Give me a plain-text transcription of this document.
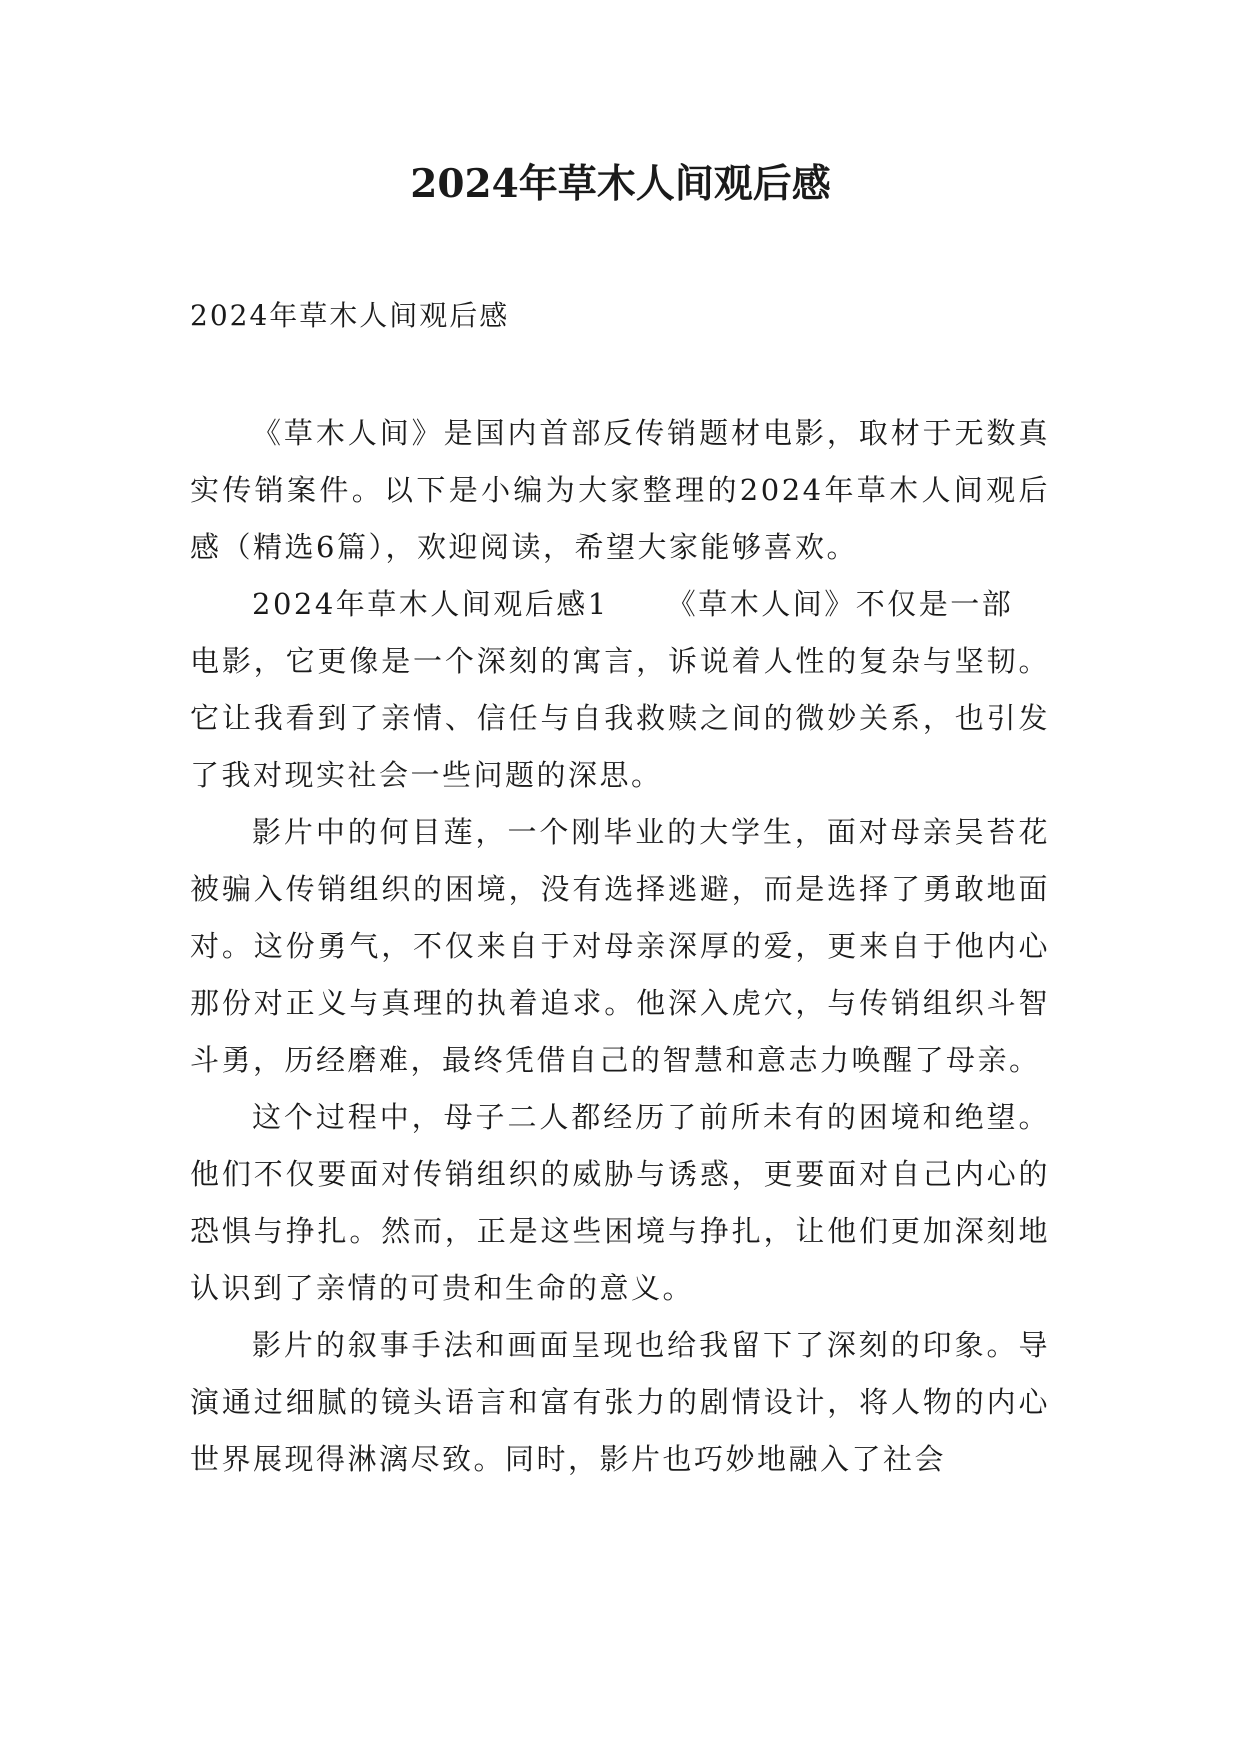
2024年草木人间观后感
2024年草木人间观后感

《草木人间》是国内首部反传销题材电影，取材于无数真实传销案件。以下是小编为大家整理的2024年草木人间观后感（精选6篇），欢迎阅读，希望大家能够喜欢。

2024年草木人间观后感1 《草木人间》不仅是一部

电影，它更像是一个深刻的寓言，诉说着人性的复杂与坚韧。它让我看到了亲情、信任与自我救赎之间的微妙关系，也引发了我对现实社会一些问题的深思。

影片中的何目莲，一个刚毕业的大学生，面对母亲吴苔花被骗入传销组织的困境，没有选择逃避，而是选择了勇敢地面对。这份勇气，不仅来自于对母亲深厚的爱，更来自于他内心那份对正义与真理的执着追求。他深入虎穴，与传销组织斗智斗勇，历经磨难，最终凭借自己的智慧和意志力唤醒了母亲。

这个过程中，母子二人都经历了前所未有的困境和绝望。他们不仅要面对传销组织的威胁与诱惑，更要面对自己内心的恐惧与挣扎。然而，正是这些困境与挣扎，让他们更加深刻地认识到了亲情的可贵和生命的意义。

影片的叙事手法和画面呈现也给我留下了深刻的印象。导演通过细腻的镜头语言和富有张力的剧情设计，将人物的内心世界展现得淋漓尽致。同时，影片也巧妙地融入了社会
